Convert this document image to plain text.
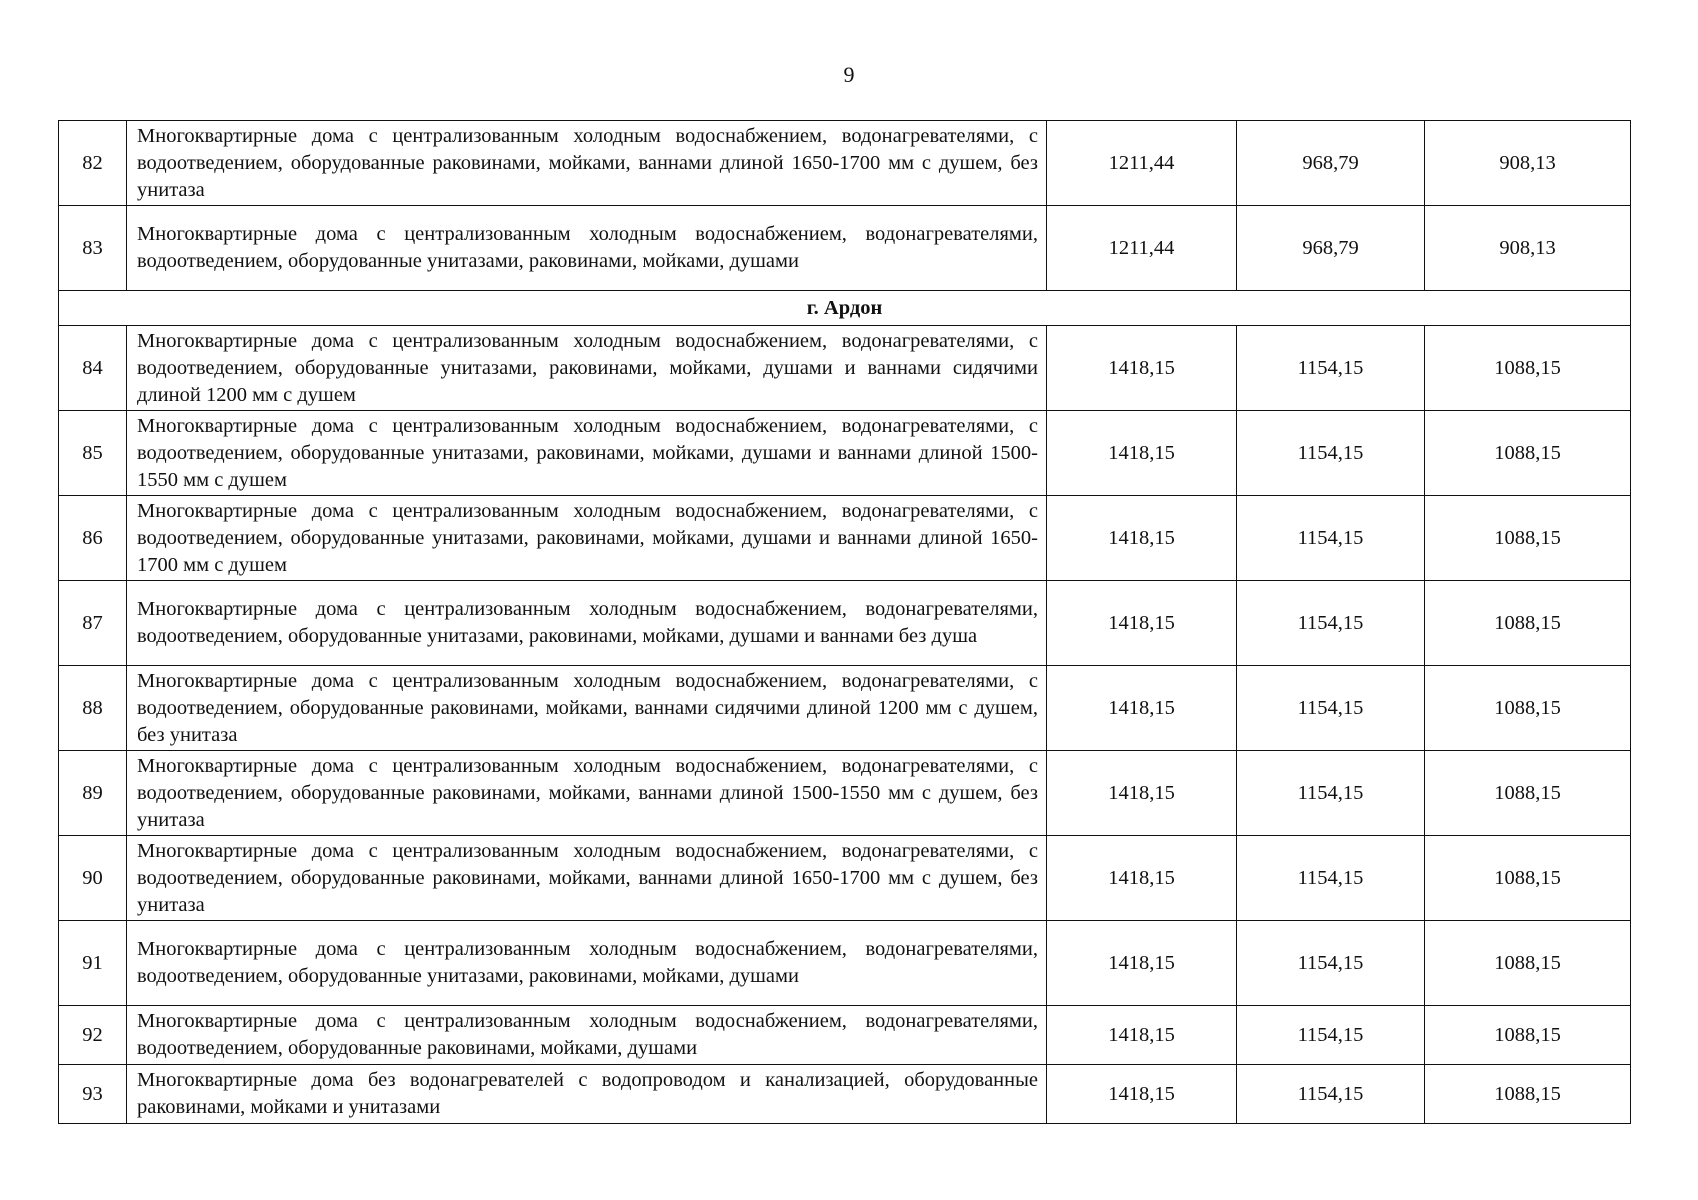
9
82	Многоквартирные дома с централизованным холодным водоснабжением, водонагревателями, с водоотведением, оборудованные раковинами, мойками, ваннами длиной 1650-1700 мм с душем, без унитаза	1211,44	968,79	908,13
83	Многоквартирные дома с централизованным холодным водоснабжением, водонагревателями, водоотведением, оборудованные унитазами, раковинами, мойками, душами	1211,44	968,79	908,13
г. Ардон				
84	Многоквартирные дома с централизованным холодным водоснабжением, водонагревателями, с водоотведением, оборудованные унитазами, раковинами, мойками, душами и ваннами сидячими длиной 1200 мм с душем	1418,15	1154,15	1088,15
85	Многоквартирные дома с централизованным холодным водоснабжением, водонагревателями, с водоотведением, оборудованные унитазами, раковинами, мойками, душами и ваннами длиной 1500-1550 мм с душем	1418,15	1154,15	1088,15
86	Многоквартирные дома с централизованным холодным водоснабжением, водонагревателями, с водоотведением, оборудованные унитазами, раковинами, мойками, душами и ваннами длиной 1650-1700 мм с душем	1418,15	1154,15	1088,15
87	Многоквартирные дома с централизованным холодным водоснабжением, водонагревателями, водоотведением, оборудованные унитазами, раковинами, мойками, душами и ваннами без душа	1418,15	1154,15	1088,15
88	Многоквартирные дома с централизованным холодным водоснабжением, водонагревателями, с водоотведением, оборудованные раковинами, мойками, ваннами сидячими длиной 1200 мм с душем, без унитаза	1418,15	1154,15	1088,15
89	Многоквартирные дома с централизованным холодным водоснабжением, водонагревателями, с водоотведением, оборудованные раковинами, мойками, ваннами длиной 1500-1550 мм с душем, без унитаза	1418,15	1154,15	1088,15
90	Многоквартирные дома с централизованным холодным водоснабжением, водонагревателями, с водоотведением, оборудованные раковинами, мойками, ваннами длиной 1650-1700 мм с душем, без унитаза	1418,15	1154,15	1088,15
91	Многоквартирные дома с централизованным холодным водоснабжением, водонагревателями, водоотведением, оборудованные унитазами, раковинами, мойками, душами	1418,15	1154,15	1088,15
92	Многоквартирные дома с централизованным холодным водоснабжением, водонагревателями, водоотведением, оборудованные раковинами, мойками, душами	1418,15	1154,15	1088,15
93	Многоквартирные дома без водонагревателей с водопроводом и канализацией, оборудованные раковинами, мойками и унитазами	1418,15	1154,15	1088,15
